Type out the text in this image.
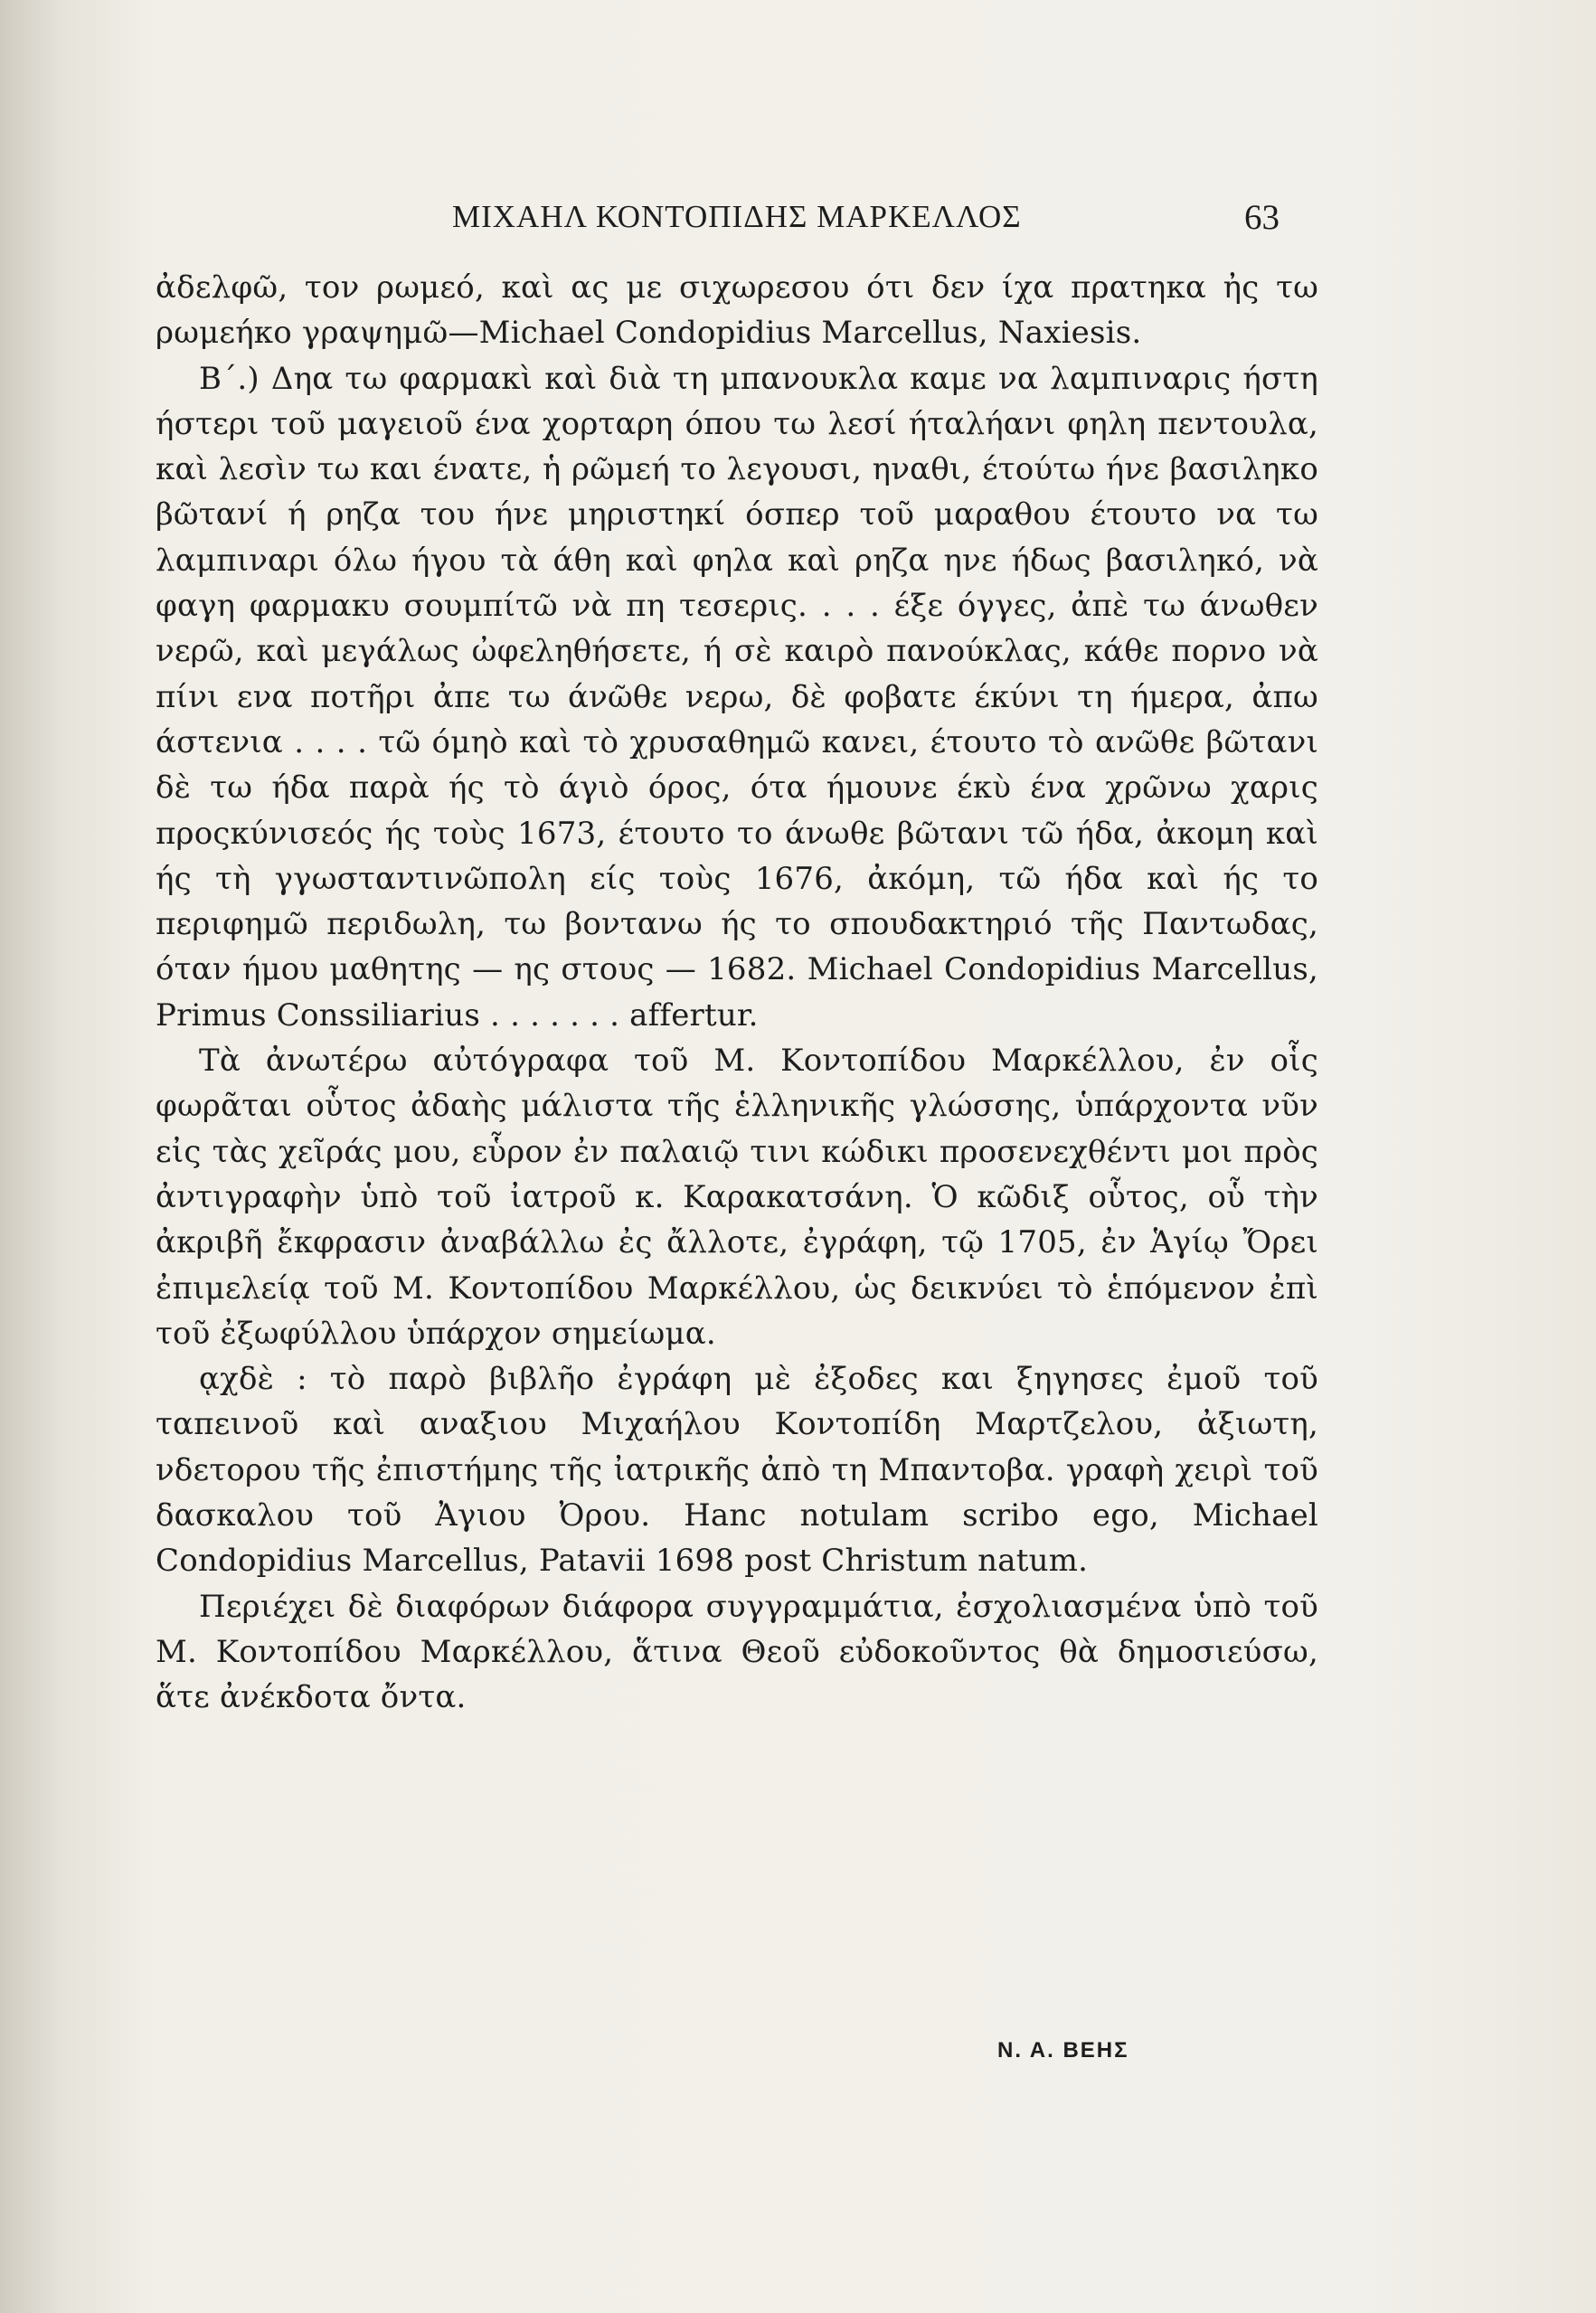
ΜΙΧΑΗΛ ΚΟΝΤΟΠΙΔΗΣ ΜΑΡΚΕΛΛΟΣ	63

ἀδελφῶ, τον ρωμεό, καὶ ας με σιχωρεσου ότι δεν ίχα πρατηκα ἠς τω ρωμεήκο γραψημῶ—Michael Condopidius Marcellus, Naxiesis.

Β΄.) Δηα τω φαρμακὶ καὶ διὰ τη μπανουκλα καμε να λαμπιναρις ήστη ήστερι τοῦ μαγειοῦ ένα χορταρη όπου τω λεσί ήταλήανι φηλη πεντουλα, καὶ λεσὶν τω και ένατε, ἡ ρῶμεή το λεγουσι, ηναθι, έτούτω ήνε βασιληκο βῶτανί ή ρηζα του ήνε μηριστηκί όσπερ τοῦ μαραθου έτουτο να τω λαμπιναρι όλω ήγου τὰ άθη καὶ φηλα καὶ ρηζα ηνε ήδως βασιληκό, νὰ φαγη φαρμακυ σουμπίτῶ νὰ πη τεσερις. . . . έξε όγγες, ἀπὲ τω άνωθεν νερῶ, καὶ μεγάλως ὠφεληθήσετε, ή σὲ καιρὸ πανούκλας, κάθε πορνο νὰ πίνι ενα ποτῆρι ἀπε τω άνῶθε νερω, δὲ φοβατε έκύνι τη ήμερα, ἀπω άστενια . . . . τῶ όμηὸ καὶ τὸ χρυσαθημῶ κανει, έτουτο τὸ ανῶθε βῶτανι δὲ τω ήδα παρὰ ής τὸ άγιὸ όρος, ότα ήμουνε έκὺ ένα χρῶνω χαρις προςκύνισεός ής τοὺς 1673, έτουτο το άνωθε βῶτανι τῶ ήδα, ἀκομη καὶ ής τὴ γγωσταντινῶπολη είς τοὺς 1676, ἀκόμη, τῶ ήδα καὶ ής το περιφημῶ περιδωλη, τω βοντανω ής το σπουδακτηριό τῆς Παντωδας, όταν ήμου μαθητης — ης στους — 1682. Michael Condopidius Marcellus, Primus Conssiliarius . . . . . . . affertur.

Τὰ ἀνωτέρω αὐτόγραφα τοῦ Μ. Κοντοπίδου Μαρκέλλου, ἐν οἷς φωρᾶται οὗτος ἀδαὴς μάλιστα τῆς ἑλληνικῆς γλώσσης, ὑπάρχοντα νῦν εἰς τὰς χεῖράς μου, εὗρον ἐν παλαιῷ τινι κώδικι προσενεχθέντι μοι πρὸς ἀντιγραφὴν ὑπὸ τοῦ ἰατροῦ κ. Καρακατσάνη. Ὁ κῶδιξ οὗτος, οὗ τὴν ἀκριβῆ ἔκφρασιν ἀναβάλλω ἐς ἄλλοτε, ἐγράφη, τῷ 1705, ἐν Ἁγίῳ Ὄρει ἐπιμελείᾳ τοῦ Μ. Κοντοπίδου Μαρκέλλου, ὡς δεικνύει τὸ ἑπόμενον ἐπὶ τοῦ ἐξωφύλλου ὑπάρχον σημείωμα.

ᾳχδὲ : τὸ παρὸ βιβλῆο ἐγράφη μὲ ἐξοδες και ξηγησες ἐμοῦ τοῦ ταπεινοῦ καὶ αναξιου Μιχαήλου Κοντοπίδη Μαρτζελου, ἀξιωτη, νδετορου τῆς ἐπιστήμης τῆς ἰατρικῆς ἀπὸ τη Μπαντοβα. γραφὴ χειρὶ τοῦ δασκαλου τοῦ Ἀγιου Ὀρου. Hanc notulam scribo ego, Michael Condopidius Marcellus, Patavii 1698 post Christum natum.

Περιέχει δὲ διαφόρων διάφορα συγγραμμάτια, ἐσχολιασμένα ὑπὸ τοῦ Μ. Κοντοπίδου Μαρκέλλου, ἅτινα Θεοῦ εὐδοκοῦντος θὰ δημοσιεύσω, ἅτε ἀνέκδοτα ὄντα.

Ν. Α. ΒΕΗΣ
